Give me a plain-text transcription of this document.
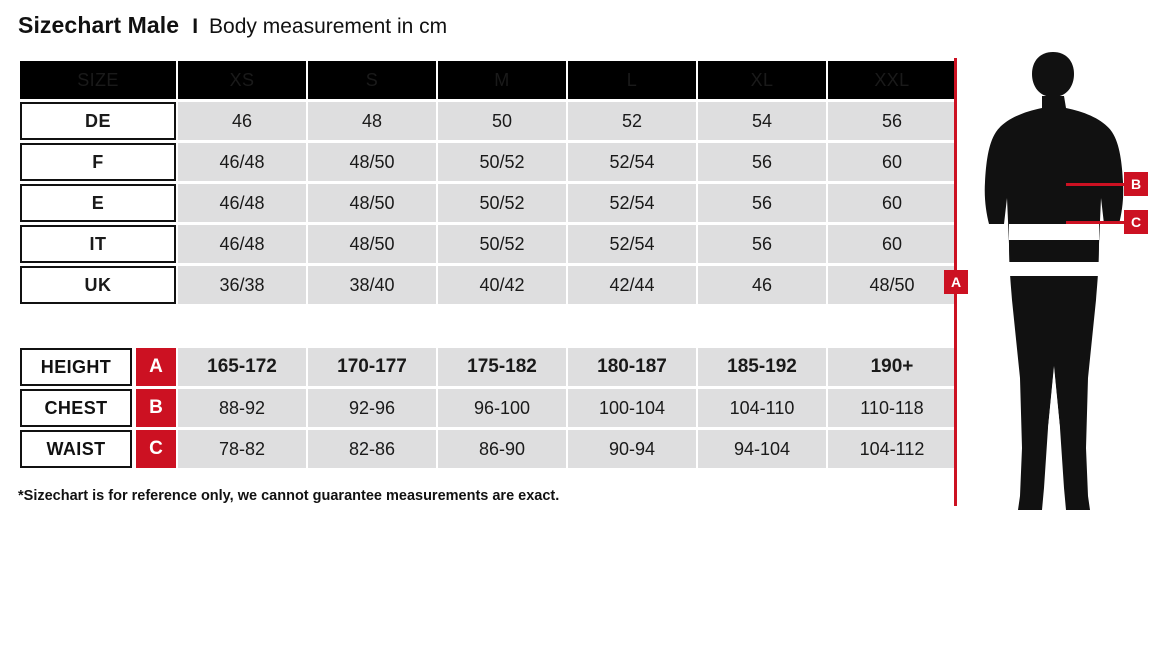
Sizechart Male I Body measurement in cm
SIZE	XS	S	M	L	XL	XXL
DE	46	48	50	52	54	56
F	46/48	48/50	50/52	52/54	56	60
E	46/48	48/50	50/52	52/54	56	60
IT	46/48	48/50	50/52	52/54	56	60
UK	36/38	38/40	40/42	42/44	46	48/50

HEIGHT A	165-172	170-177	175-182	180-187	185-192	190+

CHEST B	88-92	92-96	96-100	100-104	104-110	110-118

WAIST C	78-82	82-86	86-90	90-94	94-104	104-112
*Sizechart is for reference only, we cannot guarantee measurements are exact.
A
B
C
